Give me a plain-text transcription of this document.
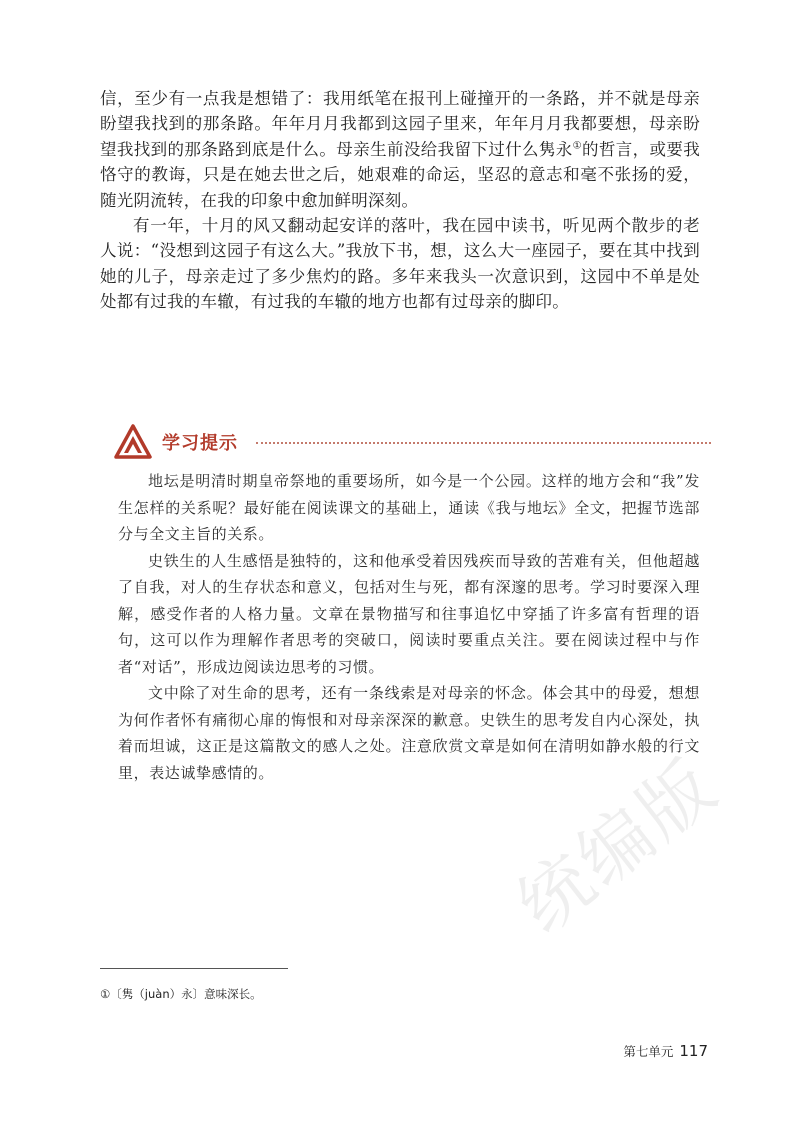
信，至少有一点我是想错了：我用纸笔在报刊上碰撞开的一条路，并不就是母亲盼望我找到的那条路。年年月月我都到这园子里来，年年月月我都要想，母亲盼望我找到的那条路到底是什么。母亲生前没给我留下过什么隽永①的哲言，或要我恪守的教诲，只是在她去世之后，她艰难的命运，坚忍的意志和毫不张扬的爱，随光阴流转，在我的印象中愈加鲜明深刻。

有一年，十月的风又翻动起安详的落叶，我在园中读书，听见两个散步的老人说：“没想到这园子有这么大。”我放下书，想，这么大一座园子，要在其中找到她的儿子，母亲走过了多少焦灼的路。多年来我头一次意识到，这园中不单是处处都有过我的车辙，有过我的车辙的地方也都有过母亲的脚印。

学习提示

地坛是明清时期皇帝祭地的重要场所，如今是一个公园。这样的地方会和“我”发生怎样的关系呢？最好能在阅读课文的基础上，通读《我与地坛》全文，把握节选部分与全文主旨的关系。

史铁生的人生感悟是独特的，这和他承受着因残疾而导致的苦难有关，但他超越了自我，对人的生存状态和意义，包括对生与死，都有深邃的思考。学习时要深入理解，感受作者的人格力量。文章在景物描写和往事追忆中穿插了许多富有哲理的语句，这可以作为理解作者思考的突破口，阅读时要重点关注。要在阅读过程中与作者“对话”，形成边阅读边思考的习惯。

文中除了对生命的思考，还有一条线索是对母亲的怀念。体会其中的母爱，想想为何作者怀有痛彻心扉的悔恨和对母亲深深的歉意。史铁生的思考发自内心深处，执着而坦诚，这正是这篇散文的感人之处。注意欣赏文章是如何在清明如静水般的行文里，表达诚挚感情的。	统编版
①〔隽（juàn）永〕意味深长。
第七单元 117
